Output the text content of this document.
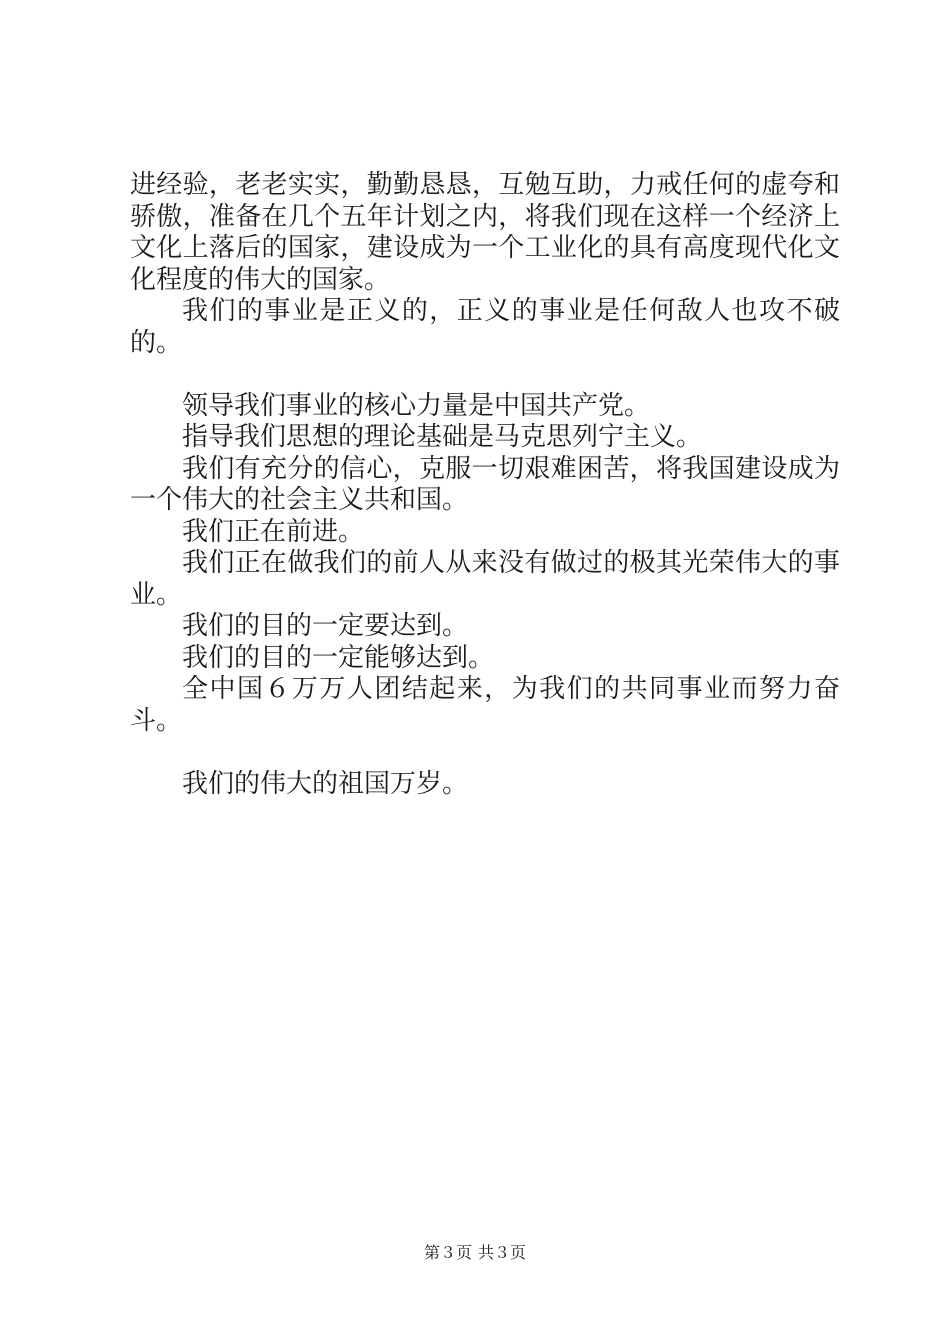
进经验，老老实实，勤勤恳恳，互勉互助，力戒任何的虚夸和骄傲，准备在几个五年计划之内，将我们现在这样一个经济上文化上落后的国家，建设成为一个工业化的具有高度现代化文化程度的伟大的国家。

我们的事业是正义的，正义的事业是任何敌人也攻不破的。

领导我们事业的核心力量是中国共产党。

指导我们思想的理论基础是马克思列宁主义。

我们有充分的信心，克服一切艰难困苦，将我国建设成为一个伟大的社会主义共和国。

我们正在前进。

我们正在做我们的前人从来没有做过的极其光荣伟大的事业。

我们的目的一定要达到。

我们的目的一定能够达到。

全中国６万万人团结起来，为我们的共同事业而努力奋斗。

我们的伟大的祖国万岁。

第３页 共３页
